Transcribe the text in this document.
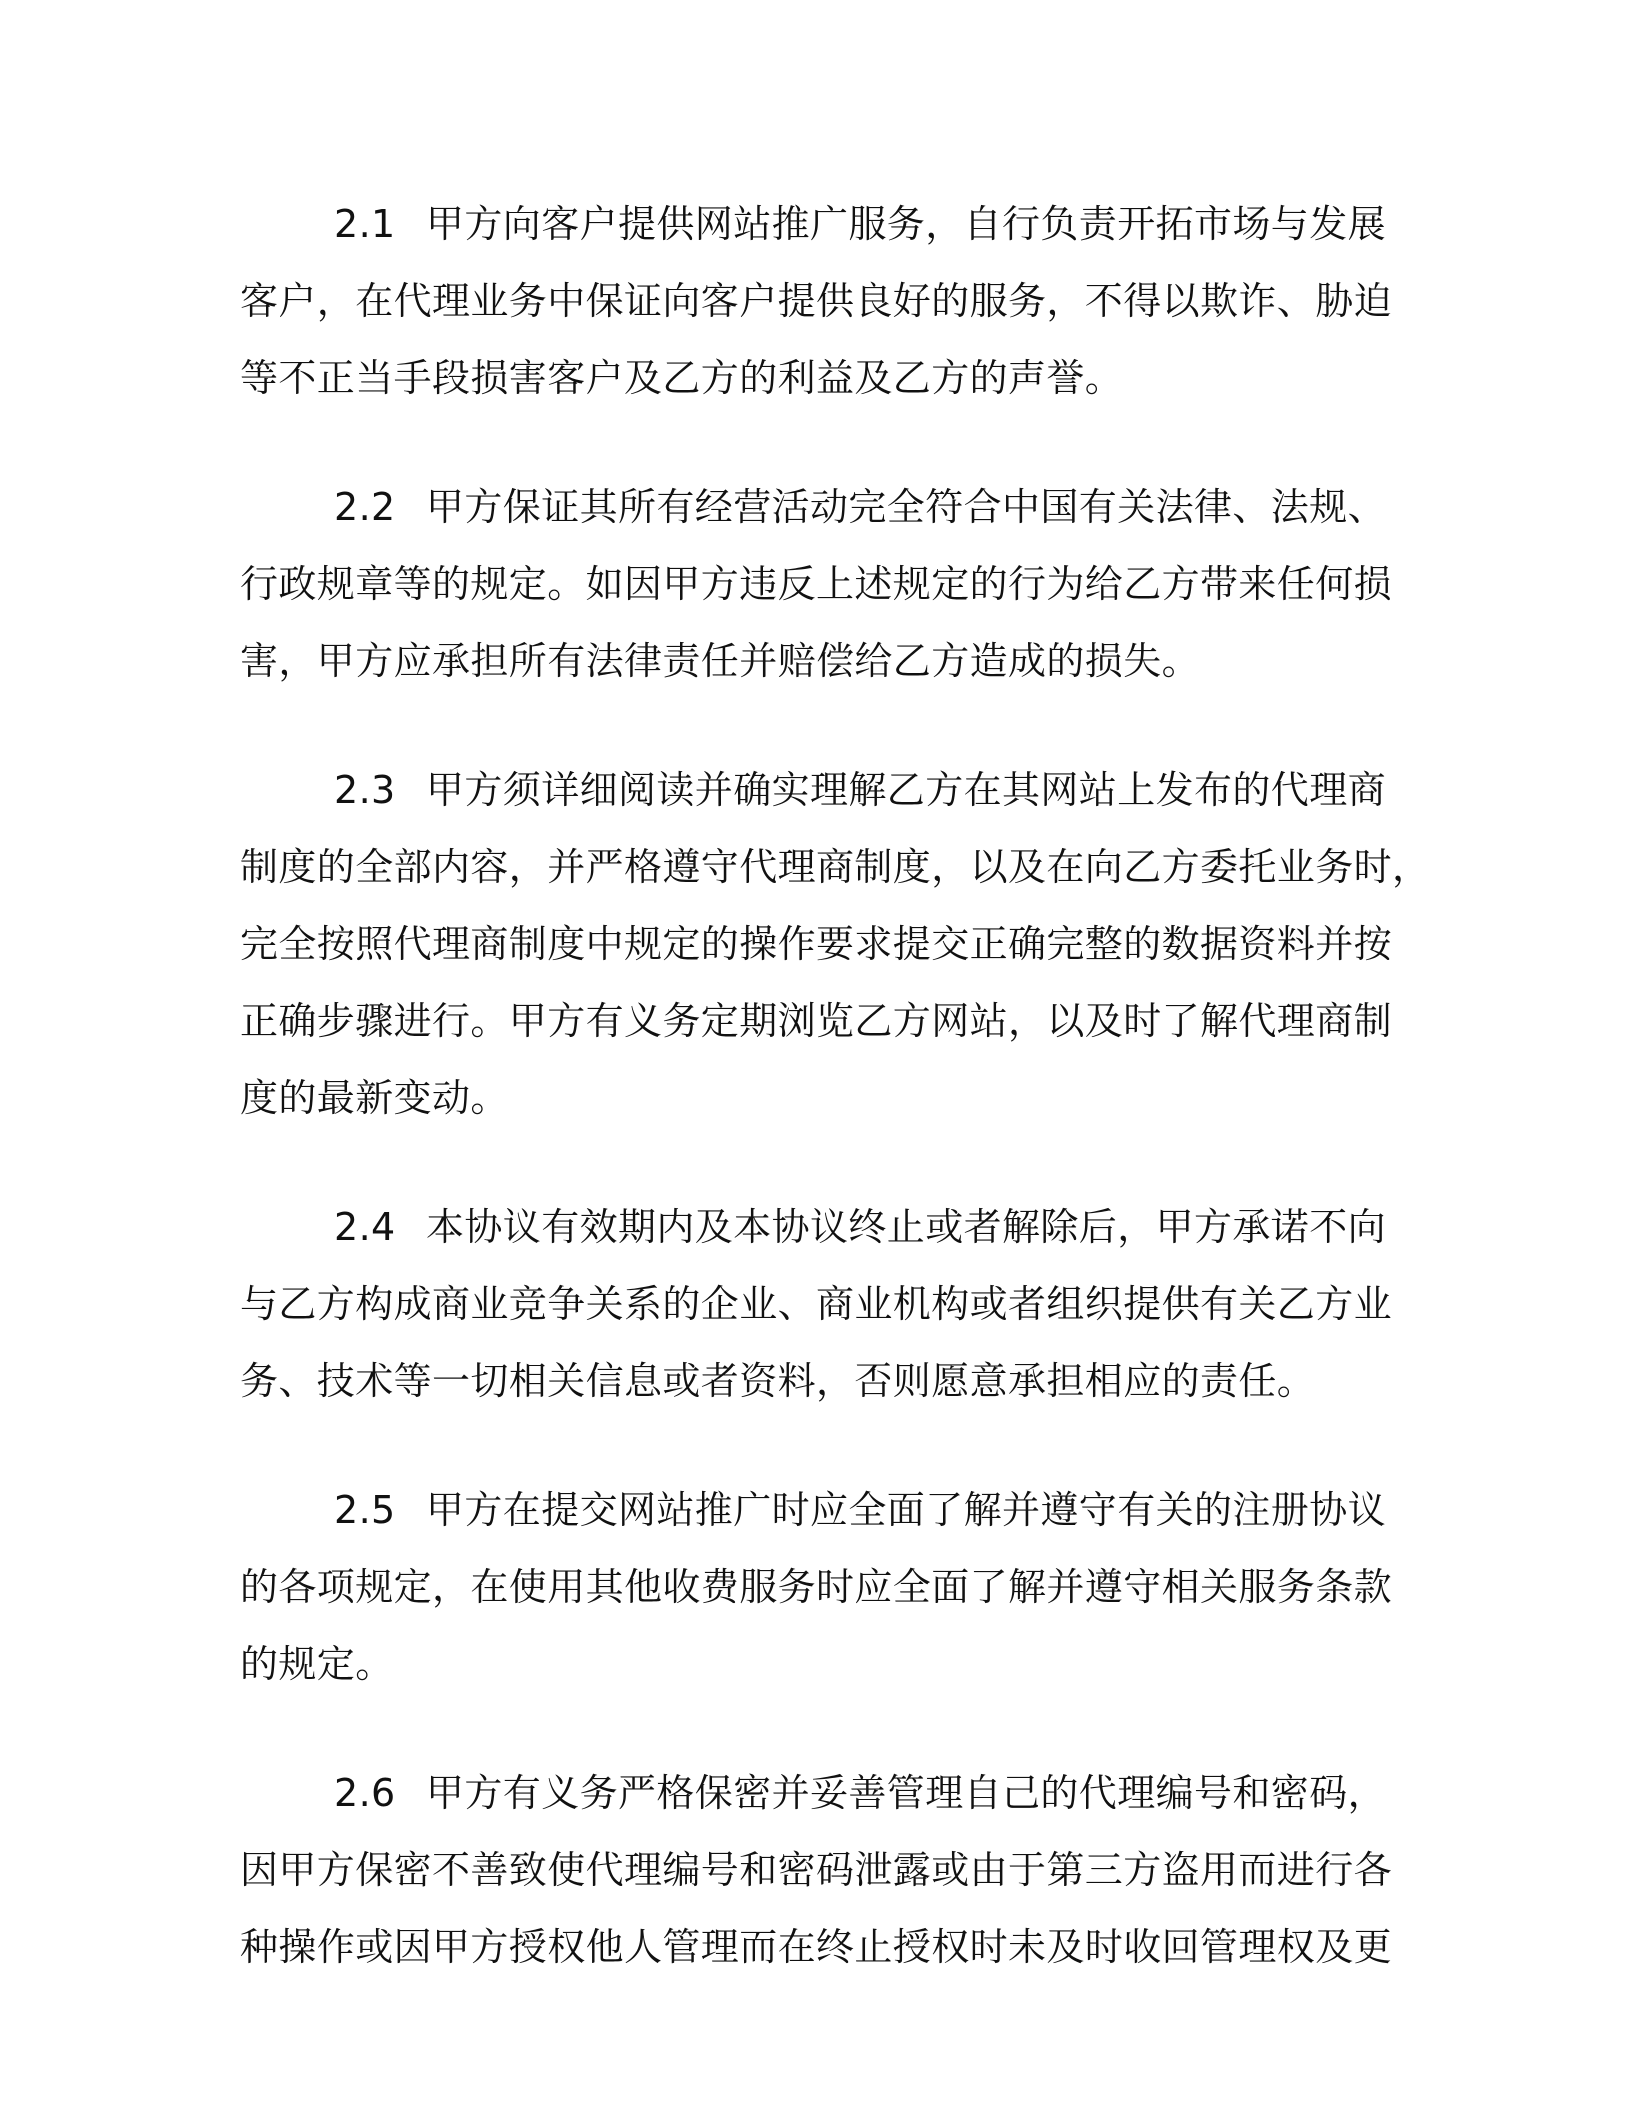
2.1 甲方向客户提供网站推广服务，自行负责开拓市场与发展
客户，在代理业务中保证向客户提供良好的服务，不得以欺诈、胁迫
等不正当手段损害客户及乙方的利益及乙方的声誉。
2.2 甲方保证其所有经营活动完全符合中国有关法律、法规、
行政规章等的规定。如因甲方违反上述规定的行为给乙方带来任何损
害，甲方应承担所有法律责任并赔偿给乙方造成的损失。
2.3 甲方须详细阅读并确实理解乙方在其网站上发布的代理商
制度的全部内容，并严格遵守代理商制度，以及在向乙方委托业务时，
完全按照代理商制度中规定的操作要求提交正确完整的数据资料并按
正确步骤进行。甲方有义务定期浏览乙方网站，以及时了解代理商制
度的最新变动。
2.4 本协议有效期内及本协议终止或者解除后，甲方承诺不向
与乙方构成商业竞争关系的企业、商业机构或者组织提供有关乙方业
务、技术等一切相关信息或者资料，否则愿意承担相应的责任。
2.5 甲方在提交网站推广时应全面了解并遵守有关的注册协议
的各项规定，在使用其他收费服务时应全面了解并遵守相关服务条款
的规定。
2.6 甲方有义务严格保密并妥善管理自己的代理编号和密码，
因甲方保密不善致使代理编号和密码泄露或由于第三方盗用而进行各
种操作或因甲方授权他人管理而在终止授权时未及时收回管理权及更
